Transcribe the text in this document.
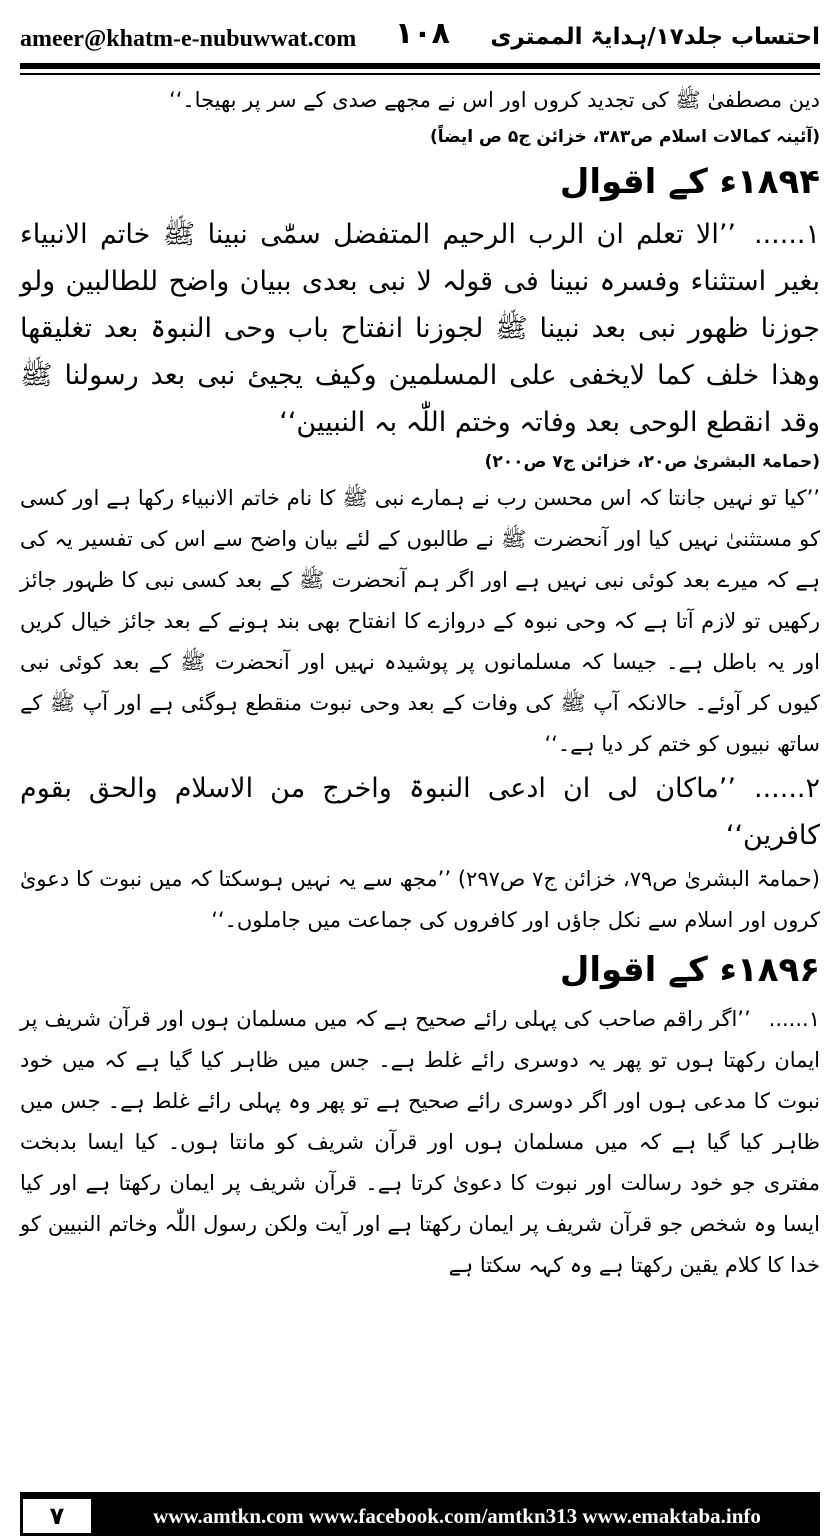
ameer@khatm-e-nubuwwat.com ۱۰۸ احتساب جلد۱۷/ہدایۃ الممتری

دین مصطفیٰ ﷺ کی تجدید کروں اور اس نے مجھے صدی کے سر پر بھیجا۔‘‘

(آئینہ کمالات اسلام ص۳۸۳، خزائن ج۵ ص ایضاً)

۱۸۹۴ء کے اقوال

۱......’’الا تعلم ان الرب الرحیم المتفضل سمّٰی نبینا ﷺ خاتم الانبیاء بغیر استثناء وفسرہ نبینا فی قولہ لا نبی بعدی ببیان واضح للطالبین ولو جوزنا ظھور نبی بعد نبینا ﷺ لجوزنا انفتاح باب وحی النبوۃ بعد تغلیقھا وھذا خلف کما لایخفی علی المسلمین وکیف یجیئ نبی بعد رسولنا ﷺ وقد انقطع الوحی بعد وفاتہ وختم اللّٰہ بہ النبیین‘‘

(حمامۃ البشریٰ ص۲۰، خزائن ج۷ ص۲۰۰)

’’کیا تو نہیں جانتا کہ اس محسن رب نے ہمارے نبی ﷺ کا نام خاتم الانبیاء رکھا ہے اور کسی کو مستثنیٰ نہیں کیا اور آنحضرت ﷺ نے طالبوں کے لئے بیان واضح سے اس کی تفسیر یہ کی ہے کہ میرے بعد کوئی نبی نہیں ہے اور اگر ہم آنحضرت ﷺ کے بعد کسی نبی کا ظہور جائز رکھیں تو لازم آتا ہے کہ وحی نبوہ کے دروازے کا انفتاح بھی بند ہونے کے بعد جائز خیال کریں اور یہ باطل ہے۔ جیسا کہ مسلمانوں پر پوشیدہ نہیں اور آنحضرت ﷺ کے بعد کوئی نبی کیوں کر آوئے۔ حالانکہ آپ ﷺ کی وفات کے بعد وحی نبوت منقطع ہوگئی ہے اور آپ ﷺ کے ساتھ نبیوں کو ختم کر دیا ہے۔‘‘

۲......’’ماکان لی ان ادعی النبوۃ واخرج من الاسلام والحق بقوم کافرین‘‘

(حمامۃ البشریٰ ص۷۹، خزائن ج۷ ص۲۹۷) ’’مجھ سے یہ نہیں ہوسکتا کہ میں نبوت کا دعویٰ کروں اور اسلام سے نکل جاؤں اور کافروں کی جماعت میں جاملوں۔‘‘

۱۸۹۶ء کے اقوال

۱......’’اگر راقم صاحب کی پہلی رائے صحیح ہے کہ میں مسلمان ہوں اور قرآن شریف پر ایمان رکھتا ہوں تو پھر یہ دوسری رائے غلط ہے۔ جس میں ظاہر کیا گیا ہے کہ میں خود نبوت کا مدعی ہوں اور اگر دوسری رائے صحیح ہے تو پھر وہ پہلی رائے غلط ہے۔ جس میں ظاہر کیا گیا ہے کہ میں مسلمان ہوں اور قرآن شریف کو مانتا ہوں۔ کیا ایسا بدبخت مفتری جو خود رسالت اور نبوت کا دعویٰ کرتا ہے۔ قرآن شریف پر ایمان رکھتا ہے اور کیا ایسا وہ شخص جو قرآن شریف پر ایمان رکھتا ہے اور آیت ولکن رسول اللّٰہ وخاتم النبیین کو خدا کا کلام یقین رکھتا ہے وہ کہہ سکتا ہے

۷	www.amtkn.com www.facebook.com/amtkn313 www.emaktaba.info
